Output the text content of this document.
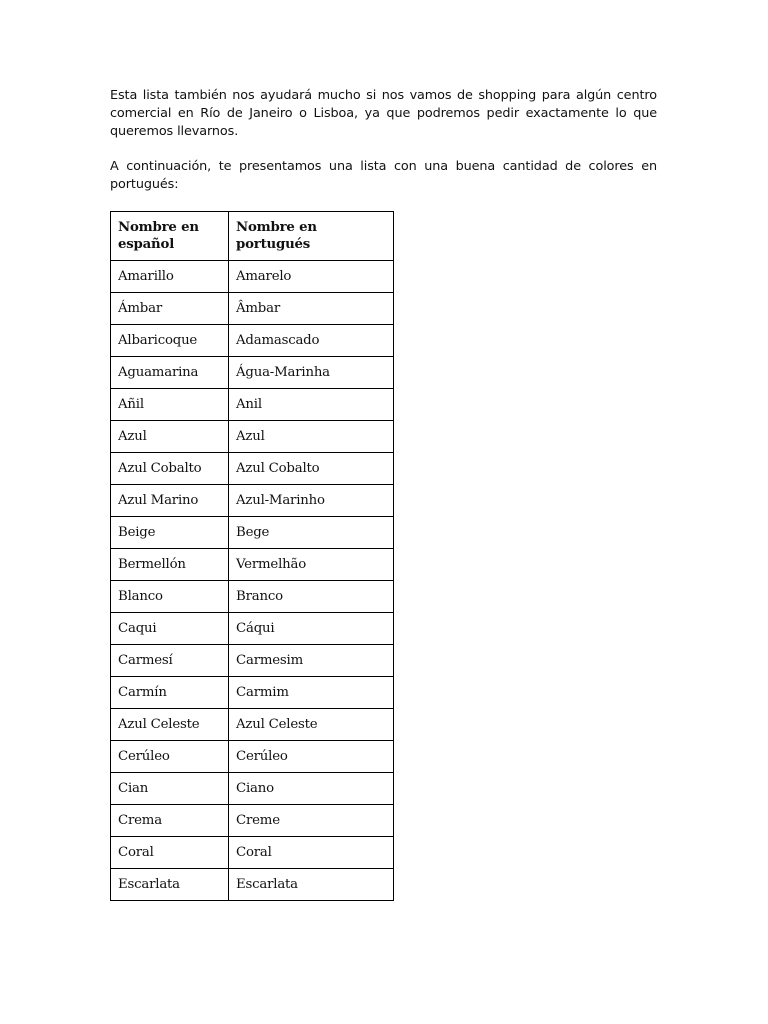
Esta lista también nos ayudará mucho si nos vamos de shopping para algún centro comercial en Río de Janeiro o Lisboa, ya que podremos pedir exactamente lo que queremos llevarnos.

A continuación, te presentamos una lista con una buena cantidad de colores en portugués:

Nombre en español	Nombre en portugués
Amarillo	Amarelo
Ámbar	Âmbar
Albaricoque	Adamascado
Aguamarina	Água-Marinha
Añil	Anil
Azul	Azul
Azul Cobalto	Azul Cobalto
Azul Marino	Azul-Marinho
Beige	Bege
Bermellón	Vermelhão
Blanco	Branco
Caqui	Cáqui
Carmesí	Carmesim
Carmín	Carmim
Azul Celeste	Azul Celeste
Cerúleo	Cerúleo
Cian	Ciano
Crema	Creme
Coral	Coral
Escarlata	Escarlata
